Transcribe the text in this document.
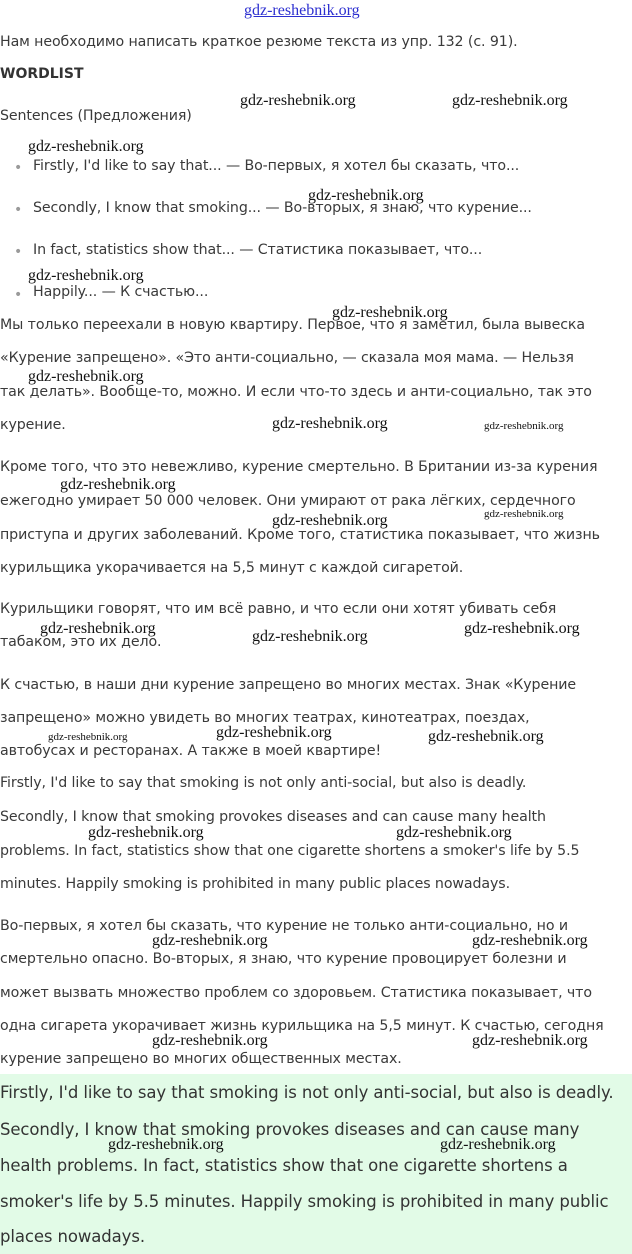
gdz-reshebnik.org
Нам необходимо написать краткое резюме текста из упр. 132 (с. 91).
WORDLIST
Sentences (Предложения)
• Firstly, I'd like to say that... — Во-первых, я хотел бы сказать, что...
• Secondly, I know that smoking... — Во-вторых, я знаю, что курение...
• In fact, statistics show that... — Статистика показывает, что...
• Happily... — К счастью...
Мы только переехали в новую квартиру. Первое, что я заметил, была вывеска
«Курение запрещено». «Это анти-социально, — сказала моя мама. — Нельзя
так делать». Вообще-то, можно. И если что-то здесь и анти-социально, так это
курение.
Кроме того, что это невежливо, курение смертельно. В Британии из-за курения
ежегодно умирает 50 000 человек. Они умирают от рака лёгких, сердечного
приступа и других заболеваний. Кроме того, статистика показывает, что жизнь
курильщика укорачивается на 5,5 минут с каждой сигаретой.
Курильщики говорят, что им всё равно, и что если они хотят убивать себя
табаком, это их дело.
К счастью, в наши дни курение запрещено во многих местах. Знак «Курение
запрещено» можно увидеть во многих театрах, кинотеатрах, поездах,
автобусах и ресторанах. А также в моей квартире!
Firstly, I'd like to say that smoking is not only anti-social, but also is deadly.
Secondly, I know that smoking provokes diseases and can cause many health
problems. In fact, statistics show that one cigarette shortens a smoker's life by 5.5
minutes. Happily smoking is prohibited in many public places nowadays.
Во-первых, я хотел бы сказать, что курение не только анти-социально, но и
смертельно опасно. Во-вторых, я знаю, что курение провоцирует болезни и
может вызвать множество проблем со здоровьем. Статистика показывает, что
одна сигарета укорачивает жизнь курильщика на 5,5 минут. К счастью, сегодня
курение запрещено во многих общественных местах.
Firstly, I'd like to say that smoking is not only anti-social, but also is deadly.
Secondly, I know that smoking provokes diseases and can cause many
health problems. In fact, statistics show that one cigarette shortens a
smoker's life by 5.5 minutes. Happily smoking is prohibited in many public
places nowadays.
gdz-reshebnik.org	gdz-reshebnik.org
gdz-reshebnik.org
gdz-reshebnik.org
gdz-reshebnik.org
gdz-reshebnik.org
gdz-reshebnik.org
gdz-reshebnik.org	gdz-reshebnik.org
gdz-reshebnik.org
gdz-reshebnik.org	gdz-reshebnik.org
gdz-reshebnik.org	gdz-reshebnik.org	gdz-reshebnik.org
gdz-reshebnik.org	gdz-reshebnik.org	gdz-reshebnik.org
gdz-reshebnik.org	gdz-reshebnik.org
gdz-reshebnik.org	gdz-reshebnik.org
gdz-reshebnik.org	gdz-reshebnik.org
gdz-reshebnik.org	gdz-reshebnik.org
